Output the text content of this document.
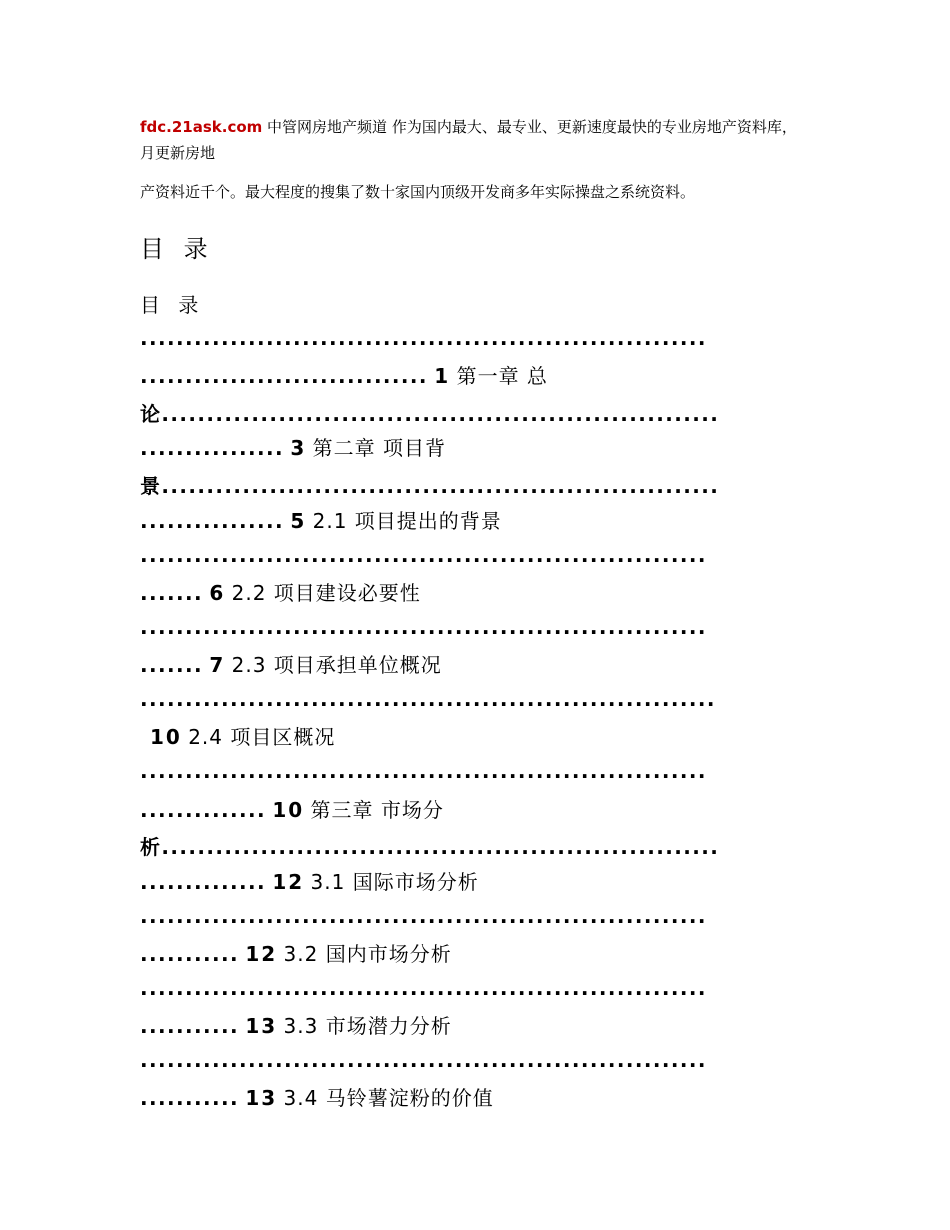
fdc.21ask.com 中管网房地产频道 作为国内最大、最专业、更新速度最快的专业房地产资料库，
月更新房地
产资料近千个。最大程度的搜集了数十家国内顶级开发商多年实际操盘之系统资料。
目 录
目 录
...............................................................
................................ 1 第一章 总
论..............................................................
................ 3 第二章 项目背
景..............................................................
................ 5 2.1 项目提出的背景
...............................................................
....... 6 2.2 项目建设必要性
...............................................................
....... 7 2.3 项目承担单位概况
................................................................
10 2.4 项目区概况
...............................................................
.............. 10 第三章 市场分
析..............................................................
.............. 12 3.1 国际市场分析
...............................................................
........... 12 3.2 国内市场分析
...............................................................
........... 13 3.3 市场潜力分析
...............................................................
........... 13 3.4 马铃薯淀粉的价值
